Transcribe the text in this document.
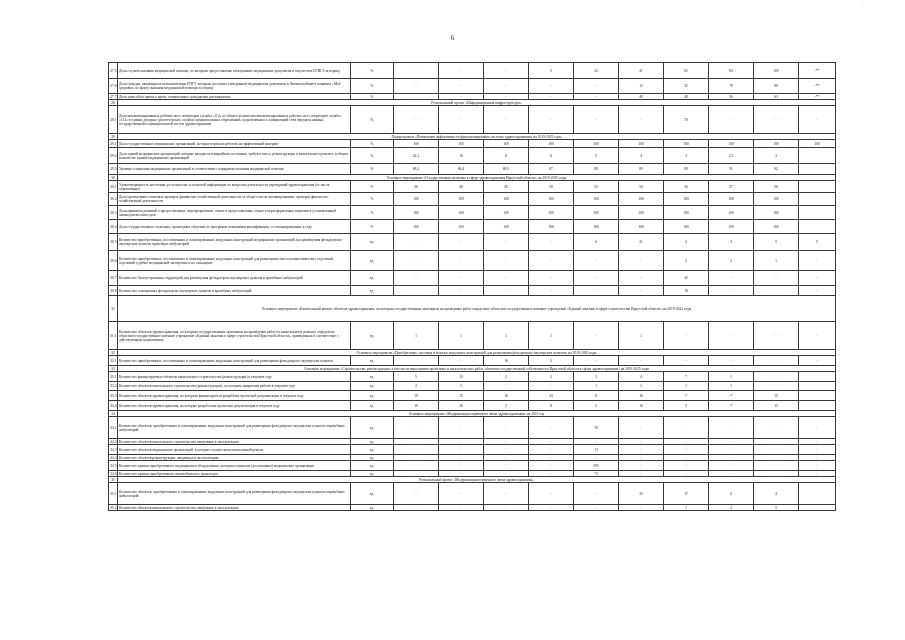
6
27.5	Доля случаев оказания медицинской помощи, по которым предоставлены электронные медицинские документы в подсистеме ЕГИСЗ за период	%	-	-	-	5	22	41	65	83	100	-**
27.6	Доля граждан, являющихся пользователями ЕПГУ, которым доступны электронные медицинские документы в Личном кабинете пациента «Моё здоровье» по факту оказания медицинской помощи за период	%	-	-	-	-	-	12	25	70	90	-**
27.7	Доля записей на прием к врачу, совершенных гражданами дистанционно	%	-	-	-	-	-	40	48	56	63	-**
28	Региональный проект «Информационная инфраструктура»											
28.1	Доля автоматизированных рабочих мест операторов службы «112» от общего количества автоматизированных рабочих мест операторов службы «112» в единых дежурно-диспетчерских службах муниципальных образований, подключенных к защищенной сети передачи данных, государственной и муниципальной систем здравоохранения	%	-	-	-	-	-	-	70	-	-	-
29	Подпрограмма «Повышение эффективности функционирования системы здравоохранения» на 2019-2025 годы											
29.1	Доля государственных медицинских организаций, которые перешли работать на эффективный контракт	%	100	100	100	100	100	100	100	100	100	100
29.2	Доля зданий медицинских организаций, которые находятся в аварийном состоянии, требуют сноса, реконструкции и капитального ремонта, в общем количестве зданий медицинских организаций	%	22,1	16	8	6	5	4	3	2,5	3	
29.3	Уровень оснащения медицинских организаций в соответствии с порядками оказания медицинской помощи	%	86,3	86,4	86,5	87	88	89	90	91	92	
30	Основное мероприятие «Государственная политика в сфере здравоохранения Иркутской области» на 2019-2025 годы											
30.1	Удовлетворенность населения доступностью и полнотой информации по вопросам деятельности учреждений здравоохранения (от числа опрошенных)	%	36	40	45	50	52	54	56	57	58	
30.2	Доля проведенных плановых проверок финансово-хозяйственной деятельности от общего числа запланированных проверок финансово-хозяйственной деятельности	%	100	100	100	100	100	100	100	100	100	
30.3	Доля принятых решений о предоставлении, переоформлении, отказе в предоставлении, отказе в переоформлении лицензии в установленный законодательством срок	%	100	100	100	100	100	100	100	100	100	
30.4	Доля государственных служащих, прошедших обучение по программе повышения квалификации, от запланированных к году	%	100	100	100	100	100	100	100	100	100	
30.5	Количество приобретенных, поставленных и смонтированных модульных конструкций медицинских организаций для размещения фельдшерско-акушерских пунктов, врачебных амбулаторий	ед.	-	-	-	-	6	21	2	3	5	5
30.6	Количество приобретенных, поставленных и смонтированных модульных конструкций для размещения патологоанатомических отделений, отделений судебно-медицинской экспертизы и их оснащение	ед.	-	-	-	-	-	-	2	2	1	-
30.7	Количество благоустроенных территорий для размещения фельдшерско-акушерских пунктов и врачебных амбулаторий	ед.	-	-	-	-	-	-	45	-	-	-
30.8	Количество оснащенных фельдшерско-акушерских пунктов и врачебных амбулаторий	ед.	-	-	-	-	-	-	18	-	-	-
31	Основное мероприятие «Капитальный ремонт объектов здравоохранения, по которым государственным заказчиком на проведение работ определено областное государственное казенное учреждение «Единый заказчик в сфере строительства Иркутской области» на 2019-2022 годы											
31.1	Количество объектов здравоохранения, по которым государственным заказчиком на проведение работ по капитальному ремонту определено областное государственное казенное учреждение «Единый заказчик в сфере строительства Иркутской области», приведенных в соответствие с действующими нормативами	ед.	1	1	1	1	-	1	-	-	-	-
32	Основное мероприятие «Приобретение, поставка и монтаж модульных конструкций для размещения фельдшерско-акушерских пунктов» на 2019-2020 годы											
32.1	Количество приобретенных, поставленных и смонтированных модульных конструкций для размещения фельдшерско-акушерских пунктов	ед.	-	-	16	3	-	-	-	-	-	-
33	Основное мероприятие «Строительство, реконструкция, в том числе выполнение проектных и изыскательских работ, объектов государственной собственности Иркутской области в сфере здравоохранения» на 2019-2025 годы											
33.1	Количество финансируемых объектов капитального строительства (реконструкции) в текущем году	ед.	5	15	2	2	3	4	7	1	-	
33.2	Количество объектов капитального строительства (реконструкции), по которым завершены работы в текущем году	ед.	2	2	-	-	1	3	1	1	-	
33.3	Количество объектов здравоохранения, по которым финансируется разработка проектной документации в текущем году	ед.	19	15	16	23	8	16	7	-*	15	
33.4	Количество объектов здравоохранения, на которые разработана проектная документация в текущем году	ед.	19	20	2	11	5	16	3	-*	15	
34	Основное мероприятие «Модернизация первичного звена здравоохранения» на 2021 год											
34.1	Количество объектов, приобретенных и смонтированных модульных конструкций для размещения фельдшерско-акушерских пунктов и врачебных амбулаторий	ед.	-	-	-	-	39	-	-	-	-	-
34.2	Количество объектов капитального строительства, введенных в эксплуатацию	ед.	-	-	-	-	-	-	-	-	-	-
34.3	Количество объектов медицинских организаций, в которых осуществлен капитальный ремонт	ед.	-	-	-	-	13	-	-	-	-	-
34.4	Количество объектов реконструкции, введенных в эксплуатацию	ед.	-	-	-	-	-	-	-	-	-	-
34.5	Количество единиц приобретенного медицинского оборудования, которым оснащены (дооснащены) медицинские организации	ед.	-	-	-	-	595	-	-	-	-	-
34.6	Количество единиц приобретенного автомобильного транспорта	ед.	-	-	-	-	73	-	-	-	-	-
35	Региональный проект «Модернизация первичного звена здравоохранения»											
35.1	Количество объектов, приобретенных и смонтированных модульных конструкций для размещения фельдшерско-акушерских пунктов и врачебных амбулаторий	ед.	-	-	-	-	-	35	17	2	4	
35.2	Количество объектов капитального строительства, введенных в эксплуатацию	ед.	-	-	-	-	-	-	1	2	5	
·
